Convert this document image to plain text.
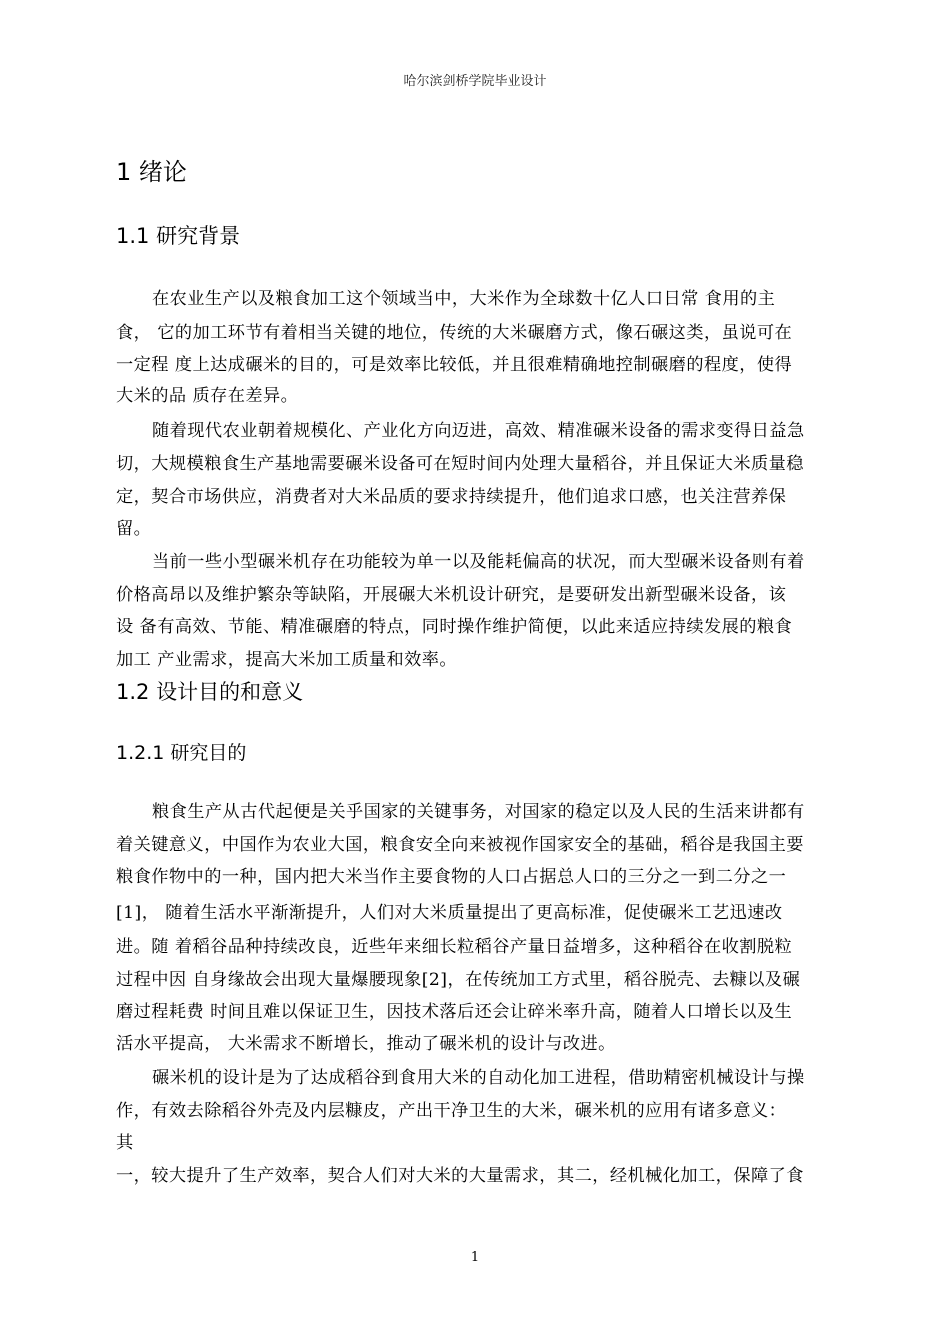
哈尔滨剑桥学院毕业设计
1 绪论
1.1 研究背景
在农业生产以及粮食加工这个领域当中，大米作为全球数十亿人口日常 食用的主
食， 它的加工环节有着相当关键的地位，传统的大米碾磨方式，像石碾这类，虽说可在
一定程 度上达成碾米的目的，可是效率比较低，并且很难精确地控制碾磨的程度，使得
大米的品 质存在差异。
随着现代农业朝着规模化、产业化方向迈进，高效、精准碾米设备的需求变得日益急
切，大规模粮食生产基地需要碾米设备可在短时间内处理大量稻谷，并且保证大米质量稳
定，契合市场供应，消费者对大米品质的要求持续提升，他们追求口感，也关注营养保
留。
当前一些小型碾米机存在功能较为单一以及能耗偏高的状况，而大型碾米设备则有着
价格高昂以及维护繁杂等缺陷，开展碾大米机设计研究，是要研发出新型碾米设备，该
设 备有高效、节能、精准碾磨的特点，同时操作维护简便，以此来适应持续发展的粮食
加工 产业需求，提高大米加工质量和效率。
1.2 设计目的和意义
1.2.1 研究目的
粮食生产从古代起便是关乎国家的关键事务，对国家的稳定以及人民的生活来讲都有
着关键意义，中国作为农业大国，粮食安全向来被视作国家安全的基础，稻谷是我国主要
粮食作物中的一种，国内把大米当作主要食物的人口占据总人口的三分之一到二分之一
[1]， 随着生活水平渐渐提升，人们对大米质量提出了更高标准，促使碾米工艺迅速改
进。随 着稻谷品种持续改良，近些年来细长粒稻谷产量日益增多，这种稻谷在收割脱粒
过程中因 自身缘故会出现大量爆腰现象[2]，在传统加工方式里，稻谷脱壳、去糠以及碾
磨过程耗费 时间且难以保证卫生，因技术落后还会让碎米率升高，随着人口增长以及生
活水平提高， 大米需求不断增长，推动了碾米机的设计与改进。
碾米机的设计是为了达成稻谷到食用大米的自动化加工进程，借助精密机械设计与操
作，有效去除稻谷外壳及内层糠皮，产出干净卫生的大米，碾米机的应用有诸多意义：
其
一，较大提升了生产效率，契合人们对大米的大量需求，其二，经机械化加工，保障了食
1
